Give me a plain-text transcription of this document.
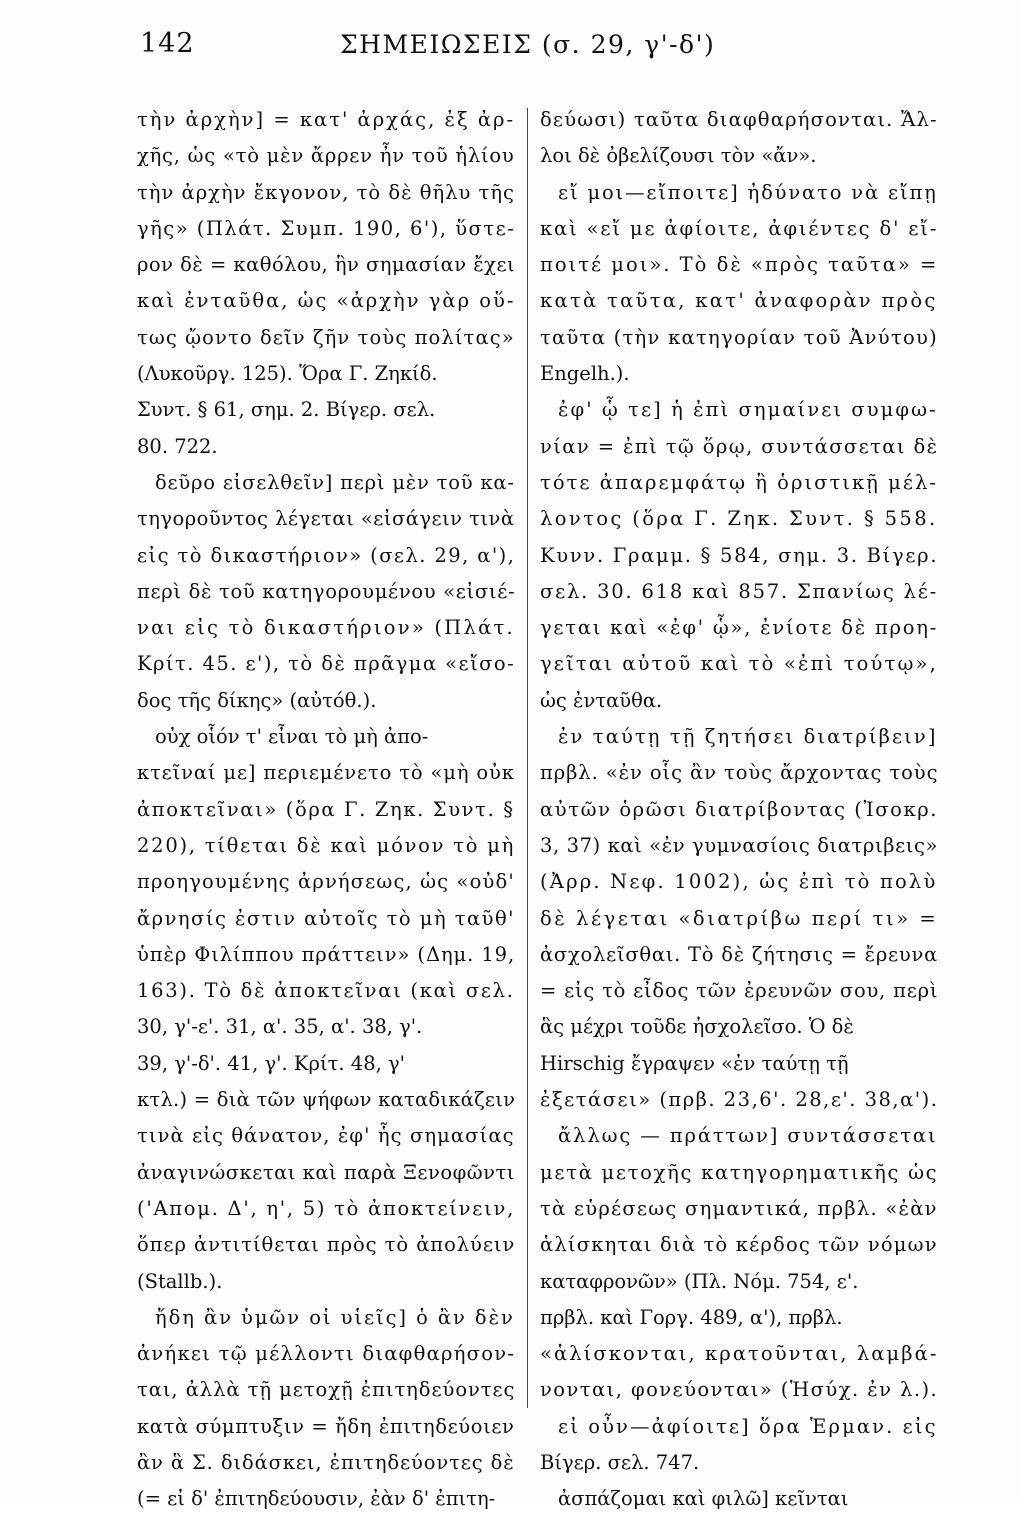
142	ΣΗΜΕΙΩΣΕΙΣ (σ. 29, γ'-δ')
τὴν ἀρχὴν] = κατ' ἀρχάς, ἐξ ἀρ-
χῆς, ὡς «τὸ μὲν ἄρρεν ἦν τοῦ ἡλίου
τὴν ἀρχὴν ἔκγονον, τὸ δὲ θῆλυ τῆς
γῆς» (Πλάτ. Συμπ. 190, 6'), ὕστε-
ρον δὲ = καθόλου, ἣν σημασίαν ἔχει
καὶ ἐνταῦθα, ὡς «ἀρχὴν γὰρ οὕ-
τως ᾤοντο δεῖν ζῆν τοὺς πολίτας»
(Λυκοῦργ. 125). Ὅρα Γ. Ζηκίδ.
Συντ. § 61, σημ. 2. Βίγερ. σελ.
80. 722.
δεῦρο εἰσελθεῖν] περὶ μὲν τοῦ κα-
τηγοροῦντος λέγεται «εἰσάγειν τινὰ
εἰς τὸ δικαστήριον» (σελ. 29, α'),
περὶ δὲ τοῦ κατηγορουμένου «εἰσιέ-
ναι εἰς τὸ δικαστήριον» (Πλάτ.
Κρίτ. 45. ε'), τὸ δὲ πρᾶγμα «εἴσο-
δος τῆς δίκης» (αὐτόθ.).
οὐχ οἷόν τ' εἶναι τὸ μὴ ἀπο-
κτεῖναί με] περιεμένετο τὸ «μὴ οὐκ
ἀποκτεῖναι» (ὅρα Γ. Ζηκ. Συντ. §
220), τίθεται δὲ καὶ μόνον τὸ μὴ
προηγουμένης ἀρνήσεως, ὡς «οὐδ'
ἄρνησίς ἐστιν αὐτοῖς τὸ μὴ ταῦθ'
ὑπὲρ Φιλίππου πράττειν» (Δημ. 19,
163). Τὸ δὲ ἀποκτεῖναι (καὶ σελ.
30, γ'-ε'. 31, α'. 35, α'. 38, γ'.
39, γ'-δ'. 41, γ'. Κρίτ. 48, γ'
κτλ.) = διὰ τῶν ψήφων καταδικάζειν
τινὰ εἰς θάνατον, ἐφ' ἧς σημασίας
ἀναγινώσκεται καὶ παρὰ Ξενοφῶντι
('Απομ. Δ', η', 5) τὸ ἀποκτείνειν,
ὅπερ ἀντιτίθεται πρὸς τὸ ἀπολύειν
(Stallb.).
ἤδη ἂν ὑμῶν οἱ υἱεῖς] ὁ ἂν δὲν
ἀνήκει τῷ μέλλοντι διαφθαρήσον-
ται, ἀλλὰ τῇ μετοχῇ ἐπιτηδεύοντες
κατὰ σύμπτυξιν = ἤδη ἐπιτηδεύοιεν
ἂν ἃ Σ. διδάσκει, ἐπιτηδεύοντες δὲ
(= εἰ δ' ἐπιτηδεύουσιν, ἐὰν δ' ἐπιτη-
δεύωσι) ταῦτα διαφθαρήσονται. Ἄλ-
λοι δὲ ὀβελίζουσι τὸν «ἄν».
εἴ μοι—εἴποιτε] ἠδύνατο νὰ εἴπῃ
καὶ «εἴ με ἀφίοιτε, ἀφιέντες δ' εἴ-
ποιτέ μοι». Τὸ δὲ «πρὸς ταῦτα» =
κατὰ ταῦτα, κατ' ἀναφορὰν πρὸς
ταῦτα (τὴν κατηγορίαν τοῦ Ἀνύτου)
Engelh.).
ἐφ' ᾧ τε] ἡ ἐπὶ σημαίνει συμφω-
νίαν = ἐπὶ τῷ ὅρῳ, συντάσσεται δὲ
τότε ἀπαρεμφάτῳ ἢ ὁριστικῇ μέλ-
λοντος (ὅρα Γ. Ζηκ. Συντ. § 558.
Κυνν. Γραμμ. § 584, σημ. 3. Βίγερ.
σελ. 30. 618 καὶ 857. Σπανίως λέ-
γεται καὶ «ἐφ' ᾧ», ἐνίοτε δὲ προη-
γεῖται αὐτοῦ καὶ τὸ «ἐπὶ τούτῳ»,
ὡς ἐνταῦθα.
ἐν ταύτῃ τῇ ζητήσει διατρίβειν]
πρβλ. «ἐν οἷς ἂν τοὺς ἄρχοντας τοὺς
αὐτῶν ὁρῶσι διατρίβοντας (Ἰσοκρ.
3, 37) καὶ «ἐν γυμνασίοις διατριβεις»
(Ἀρρ. Νεφ. 1002), ὡς ἐπὶ τὸ πολὺ
δὲ λέγεται «διατρίβω περί τι» =
ἀσχολεῖσθαι. Τὸ δὲ ζήτησις = ἔρευνα
= εἰς τὸ εἶδος τῶν ἐρευνῶν σου, περὶ
ἃς μέχρι τοῦδε ἠσχολεῖσο. Ὁ δὲ
Hirschig ἔγραψεν «ἐν ταύτῃ τῇ
ἐξετάσει» (πρβ. 23,6'. 28,ε'. 38,α').
ἄλλως — πράττων] συντάσσεται
μετὰ μετοχῆς κατηγορηματικῆς ὡς
τὰ εὑρέσεως σημαντικά, πρβλ. «ἐὰν
ἁλίσκηται διὰ τὸ κέρδος τῶν νόμων
καταφρονῶν» (Πλ. Νόμ. 754, ε'.
πρβλ. καὶ Γοργ. 489, α'), πρβλ.
«ἁλίσκονται, κρατοῦνται, λαμβά-
νονται, φονεύονται» (Ἡσύχ. ἐν λ.).
εἰ οὖν—ἀφίοιτε] ὅρα Ἑρμαν. εἰς
Βίγερ. σελ. 747.
ἀσπάζομαι καὶ φιλῶ] κεῖνται
